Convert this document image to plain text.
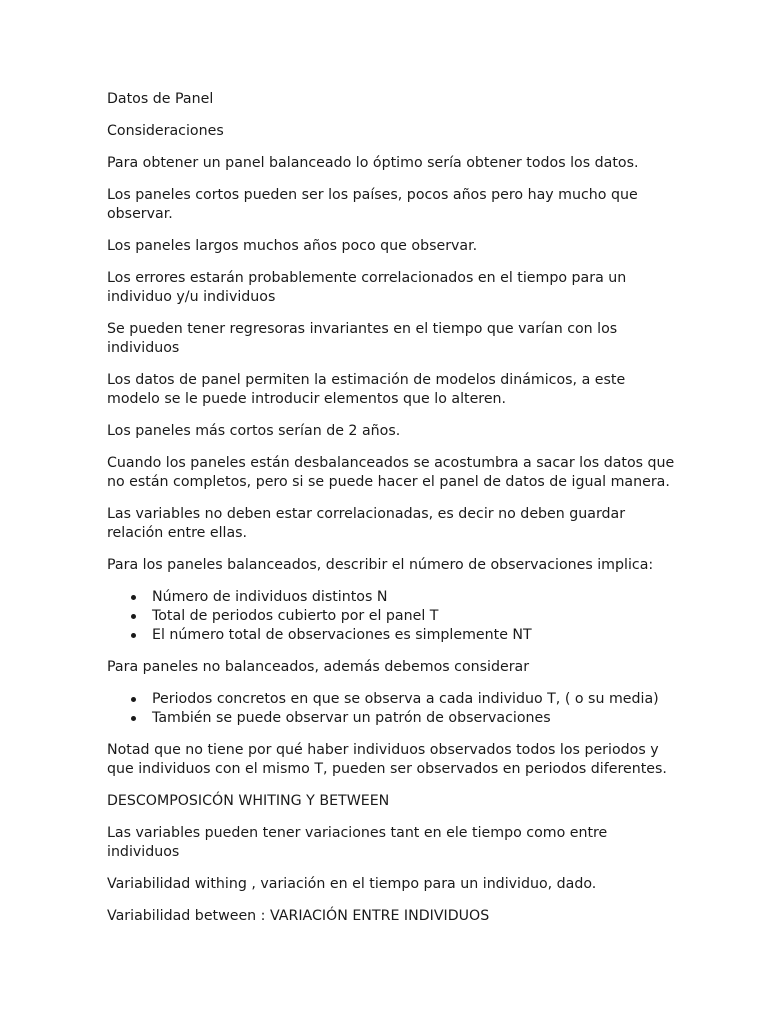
Datos de Panel

Consideraciones

Para obtener un panel balanceado lo óptimo sería obtener todos los datos.

Los paneles cortos pueden ser los países, pocos años pero hay mucho que observar.

Los paneles largos muchos años poco que observar.

Los errores estarán probablemente correlacionados en el tiempo para un individuo y/u individuos

Se pueden tener regresoras invariantes en el tiempo que varían con los individuos

Los datos de panel permiten la estimación de modelos dinámicos, a este modelo se le puede introducir elementos que lo alteren.

Los paneles más cortos serían de 2 años.

Cuando los paneles están desbalanceados se acostumbra a sacar los datos que no están completos, pero si se puede hacer el panel de datos de igual manera.

Las variables no deben estar correlacionadas, es decir no deben guardar relación entre ellas.

Para los paneles balanceados, describir el número de observaciones implica:

Número de individuos distintos N
Total de periodos cubierto por el panel T
El número total de observaciones es simplemente NT

Para paneles no balanceados, además debemos considerar

Periodos concretos en que se observa a cada individuo T, ( o su media)
También se puede observar un patrón de observaciones

Notad que no tiene por qué haber individuos observados todos los periodos y que individuos con el mismo T, pueden ser observados en periodos diferentes.

DESCOMPOSICÓN WHITING Y BETWEEN

Las variables pueden tener variaciones tant en ele tiempo como entre individuos

Variabilidad withing , variación en el tiempo para un individuo, dado.

Variabilidad between : VARIACIÓN ENTRE INDIVIDUOS
